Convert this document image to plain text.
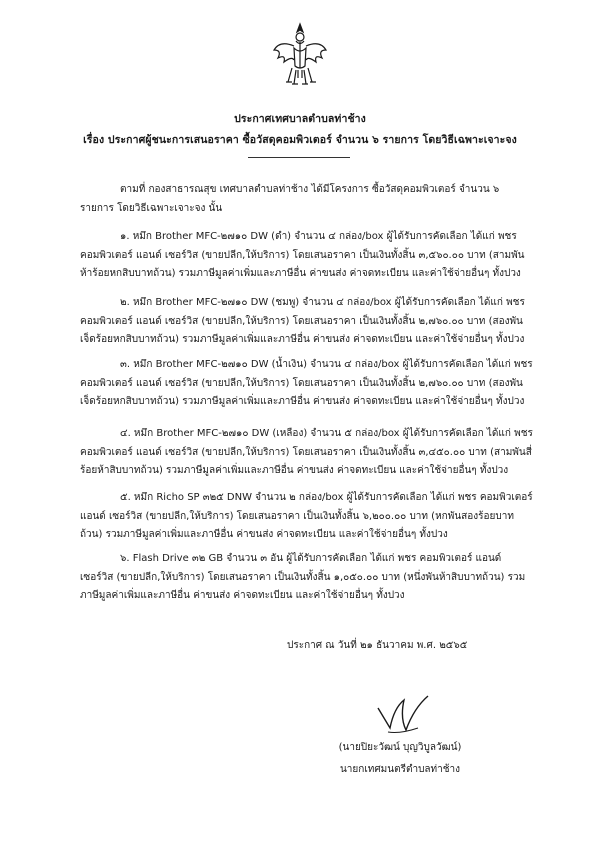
ประกาศเทศบาลตำบลท่าช้าง
เรื่อง ประกาศผู้ชนะการเสนอราคา ซื้อวัสดุคอมพิวเตอร์ จำนวน ๖ รายการ โดยวิธีเฉพาะเจาะจง
ตามที่ กองสาธารณสุข เทศบาลตำบลท่าช้าง ได้มีโครงการ ซื้อวัสดุคอมพิวเตอร์ จำนวน ๖ รายการ โดยวิธีเฉพาะเจาะจง นั้น
๑. หมึก Brother MFC-๒๗๑๐ DW (ดำ) จำนวน ๔ กล่อง/box ผู้ได้รับการคัดเลือก ได้แก่ พชร คอมพิวเตอร์ แอนด์ เซอร์วิส (ขายปลีก,ให้บริการ) โดยเสนอราคา เป็นเงินทั้งสิ้น ๓,๕๖๐.๐๐ บาท (สามพันห้าร้อยหกสิบบาทถ้วน) รวมภาษีมูลค่าเพิ่มและภาษีอื่น ค่าขนส่ง ค่าจดทะเบียน และค่าใช้จ่ายอื่นๆ ทั้งปวง
๒. หมึก Brother MFC-๒๗๑๐ DW (ชมพู) จำนวน ๔ กล่อง/box ผู้ได้รับการคัดเลือก ได้แก่ พชร คอมพิวเตอร์ แอนด์ เซอร์วิส (ขายปลีก,ให้บริการ) โดยเสนอราคา เป็นเงินทั้งสิ้น ๒,๗๖๐.๐๐ บาท (สองพันเจ็ดร้อยหกสิบบาทถ้วน) รวมภาษีมูลค่าเพิ่มและภาษีอื่น ค่าขนส่ง ค่าจดทะเบียน และค่าใช้จ่ายอื่นๆ ทั้งปวง
๓. หมึก Brother MFC-๒๗๑๐ DW (น้ำเงิน) จำนวน ๔ กล่อง/box ผู้ได้รับการคัดเลือก ได้แก่ พชร คอมพิวเตอร์ แอนด์ เซอร์วิส (ขายปลีก,ให้บริการ) โดยเสนอราคา เป็นเงินทั้งสิ้น ๒,๗๖๐.๐๐ บาท (สองพันเจ็ดร้อยหกสิบบาทถ้วน) รวมภาษีมูลค่าเพิ่มและภาษีอื่น ค่าขนส่ง ค่าจดทะเบียน และค่าใช้จ่ายอื่นๆ ทั้งปวง
๔. หมึก Brother MFC-๒๗๑๐ DW (เหลือง) จำนวน ๕ กล่อง/box ผู้ได้รับการคัดเลือก ได้แก่ พชร คอมพิวเตอร์ แอนด์ เซอร์วิส (ขายปลีก,ให้บริการ) โดยเสนอราคา เป็นเงินทั้งสิ้น ๓,๔๕๐.๐๐ บาท (สามพันสี่ร้อยห้าสิบบาทถ้วน) รวมภาษีมูลค่าเพิ่มและภาษีอื่น ค่าขนส่ง ค่าจดทะเบียน และค่าใช้จ่ายอื่นๆ ทั้งปวง
๕. หมึก Richo SP ๓๒๕ DNW จำนวน ๒ กล่อง/box ผู้ได้รับการคัดเลือก ได้แก่ พชร คอมพิวเตอร์ แอนด์ เซอร์วิส (ขายปลีก,ให้บริการ) โดยเสนอราคา เป็นเงินทั้งสิ้น ๖,๒๐๐.๐๐ บาท (หกพันสองร้อยบาทถ้วน) รวมภาษีมูลค่าเพิ่มและภาษีอื่น ค่าขนส่ง ค่าจดทะเบียน และค่าใช้จ่ายอื่นๆ ทั้งปวง
๖. Flash Drive ๓๒ GB จำนวน ๓ อัน ผู้ได้รับการคัดเลือก ได้แก่ พชร คอมพิวเตอร์ แอนด์ เซอร์วิส (ขายปลีก,ให้บริการ) โดยเสนอราคา เป็นเงินทั้งสิ้น ๑,๐๕๐.๐๐ บาท (หนึ่งพันห้าสิบบาทถ้วน) รวมภาษีมูลค่าเพิ่มและภาษีอื่น ค่าขนส่ง ค่าจดทะเบียน และค่าใช้จ่ายอื่นๆ ทั้งปวง
ประกาศ ณ วันที่ ๒๑ ธันวาคม พ.ศ. ๒๕๖๕
(นายปิยะวัฒน์ บุญวิบูลวัฒน์)
นายกเทศมนตรีตำบลท่าช้าง
